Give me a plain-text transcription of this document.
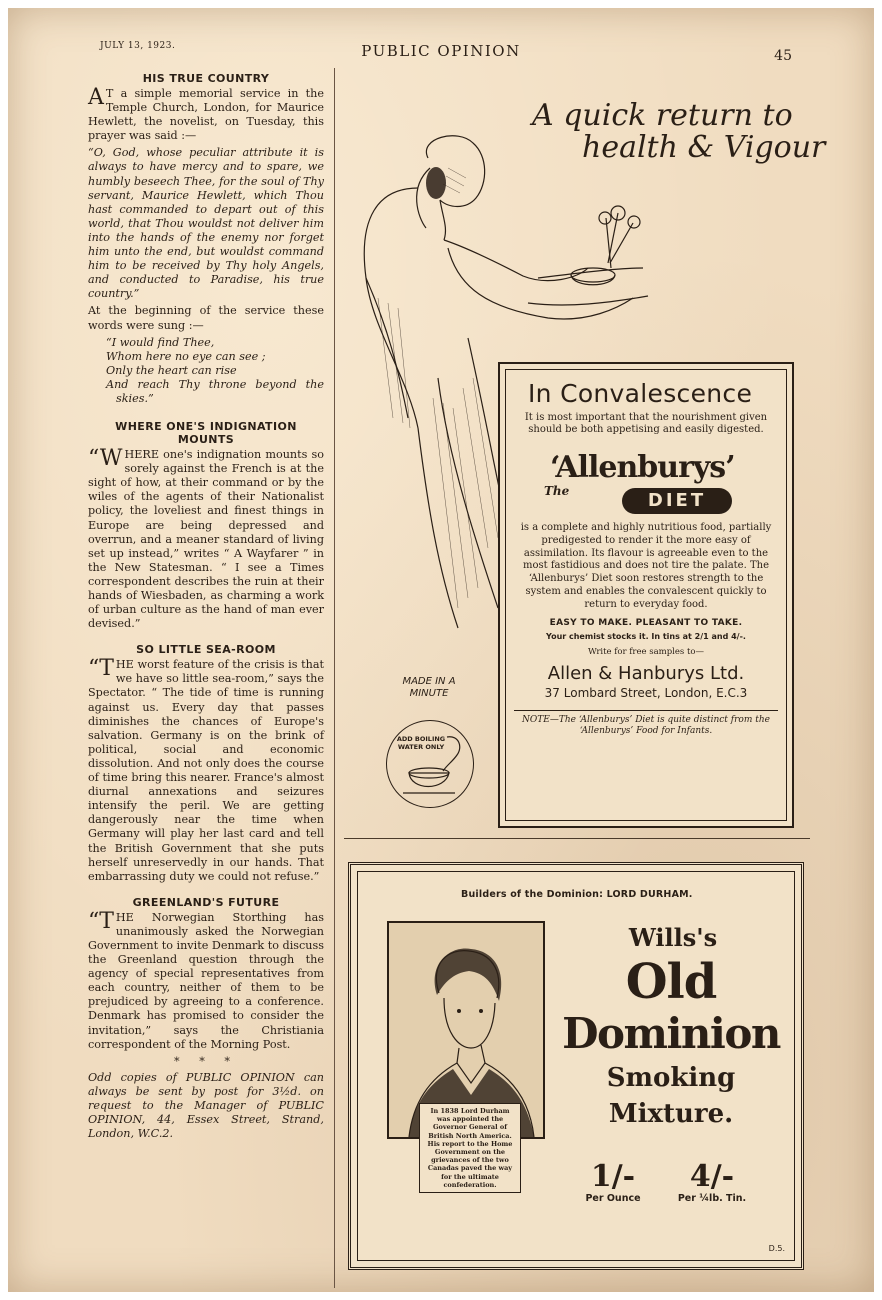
JULY 13, 1923.	PUBLIC OPINION	45
HIS TRUE COUNTRY

A T a simple memorial service in the Temple Church, London, for Maurice Hewlett, the novelist, on Tuesday, this prayer was said :—

“O, God, whose peculiar attribute it is always to have mercy and to spare, we humbly beseech Thee, for the soul of Thy servant, Maurice Hewlett, which Thou hast commanded to depart out of this world, that Thou wouldst not deliver him into the hands of the enemy nor forget him unto the end, but wouldst command him to be received by Thy holy Angels, and conducted to Paradise, his true country.”

At the beginning of the service these words were sung :—

“I would find Thee,
Whom here no eye can see ;
Only the heart can rise
And reach Thy throne beyond the skies.”
WHERE ONE'S INDIGNATION MOUNTS

“WHERE one's indignation mounts so sorely against the French is at the sight of how, at their command or by the wiles of the agents of their Nationalist policy, the loveliest and finest things in Europe are being depressed and overrun, and a meaner standard of living set up instead,” writes “ A Wayfarer ” in the New Statesman. “ I see a Times correspondent describes the ruin at their hands of Wiesbaden, as charming a work of urban culture as the hand of man ever devised.”

SO LITTLE SEA-ROOM

“THE worst feature of the crisis is that we have so little sea-room,” says the Spectator. “ The tide of time is running against us. Every day that passes diminishes the chances of Europe's salvation. Germany is on the brink of political, social and economic dissolution. And not only does the course of time bring this nearer. France's almost diurnal annexations and seizures intensify the peril. We are getting dangerously near the time when Germany will play her last card and tell the British Government that she puts herself unreservedly in our hands. That embarrassing duty we could not refuse.”

GREENLAND'S FUTURE

“THE Norwegian Storthing has unanimously asked the Norwegian Government to invite Denmark to discuss the Greenland question through the agency of special representatives from each country, neither of them to be prejudiced by agreeing to a conference. Denmark has promised to consider the invitation,” says the Christiania correspondent of the Morning Post.

* * *

Odd copies of PUBLIC OPINION can always be sent by post for 3½d. on request to the Manager of PUBLIC OPINION, 44, Essex Street, Strand, London, W.C.2.

A quick return to
health & Vigour
In Convalescence
It is most important that the nourishment given should be both appetising and easily digested.
‘Allenburys’
The	DIET
is a complete and highly nutritious food, partially predigested to render it the more easy of assimilation. Its flavour is agreeable even to the most fastidious and does not tire the palate. The ‘Allenburys’ Diet soon restores strength to the system and enables the convalescent quickly to return to everyday food.
EASY TO MAKE. PLEASANT TO TAKE.
Your chemist stocks it. In tins at 2/1 and 4/-.
Write for free samples to—
Allen & Hanburys Ltd.
37 Lombard Street, London, E.C.3
NOTE—The ‘Allenburys’ Diet is quite distinct from the ‘Allenburys’ Food for Infants.
MADE IN A MINUTE
ADD BOILING WATER ONLY
Builders of the Dominion: LORD DURHAM.
In 1838 Lord Durham was appointed the Governor General of British North America. His report to the Home Government on the grievances of the two Canadas paved the way for the ultimate confederation.
Wills's
Old
Dominion
Smoking
Mixture.
1/-
Per Ounce
4/-
Per ¼lb. Tin.
D.5.
